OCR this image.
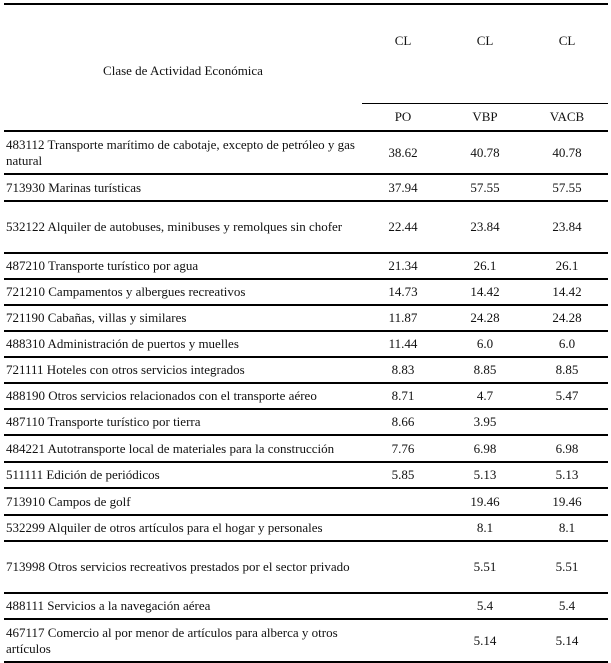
Clase de Actividad Económica	CL	CL	CL
	PO	VBP	VACB
483112 Transporte marítimo de cabotaje, excepto de petróleo y gas natural	38.62	40.78	40.78
713930 Marinas turísticas	37.94	57.55	57.55
532122 Alquiler de autobuses, minibuses y remolques sin chofer	22.44	23.84	23.84
487210 Transporte turístico por agua	21.34	26.1	26.1
721210 Campamentos y albergues recreativos	14.73	14.42	14.42
721190 Cabañas, villas y similares	11.87	24.28	24.28
488310 Administración de puertos y muelles	11.44	6.0	6.0
721111 Hoteles con otros servicios integrados	8.83	8.85	8.85
488190 Otros servicios relacionados con el transporte aéreo	8.71	4.7	5.47
487110 Transporte turístico por tierra	8.66	3.95	
484221 Autotransporte local de materiales para la construcción	7.76	6.98	6.98
511111 Edición de periódicos	5.85	5.13	5.13
713910 Campos de golf		19.46	19.46
532299 Alquiler de otros artículos para el hogar y personales		8.1	8.1
713998 Otros servicios recreativos prestados por el sector privado		5.51	5.51
488111 Servicios a la navegación aérea		5.4	5.4
467117 Comercio al por menor de artículos para alberca y otros artículos		5.14	5.14
